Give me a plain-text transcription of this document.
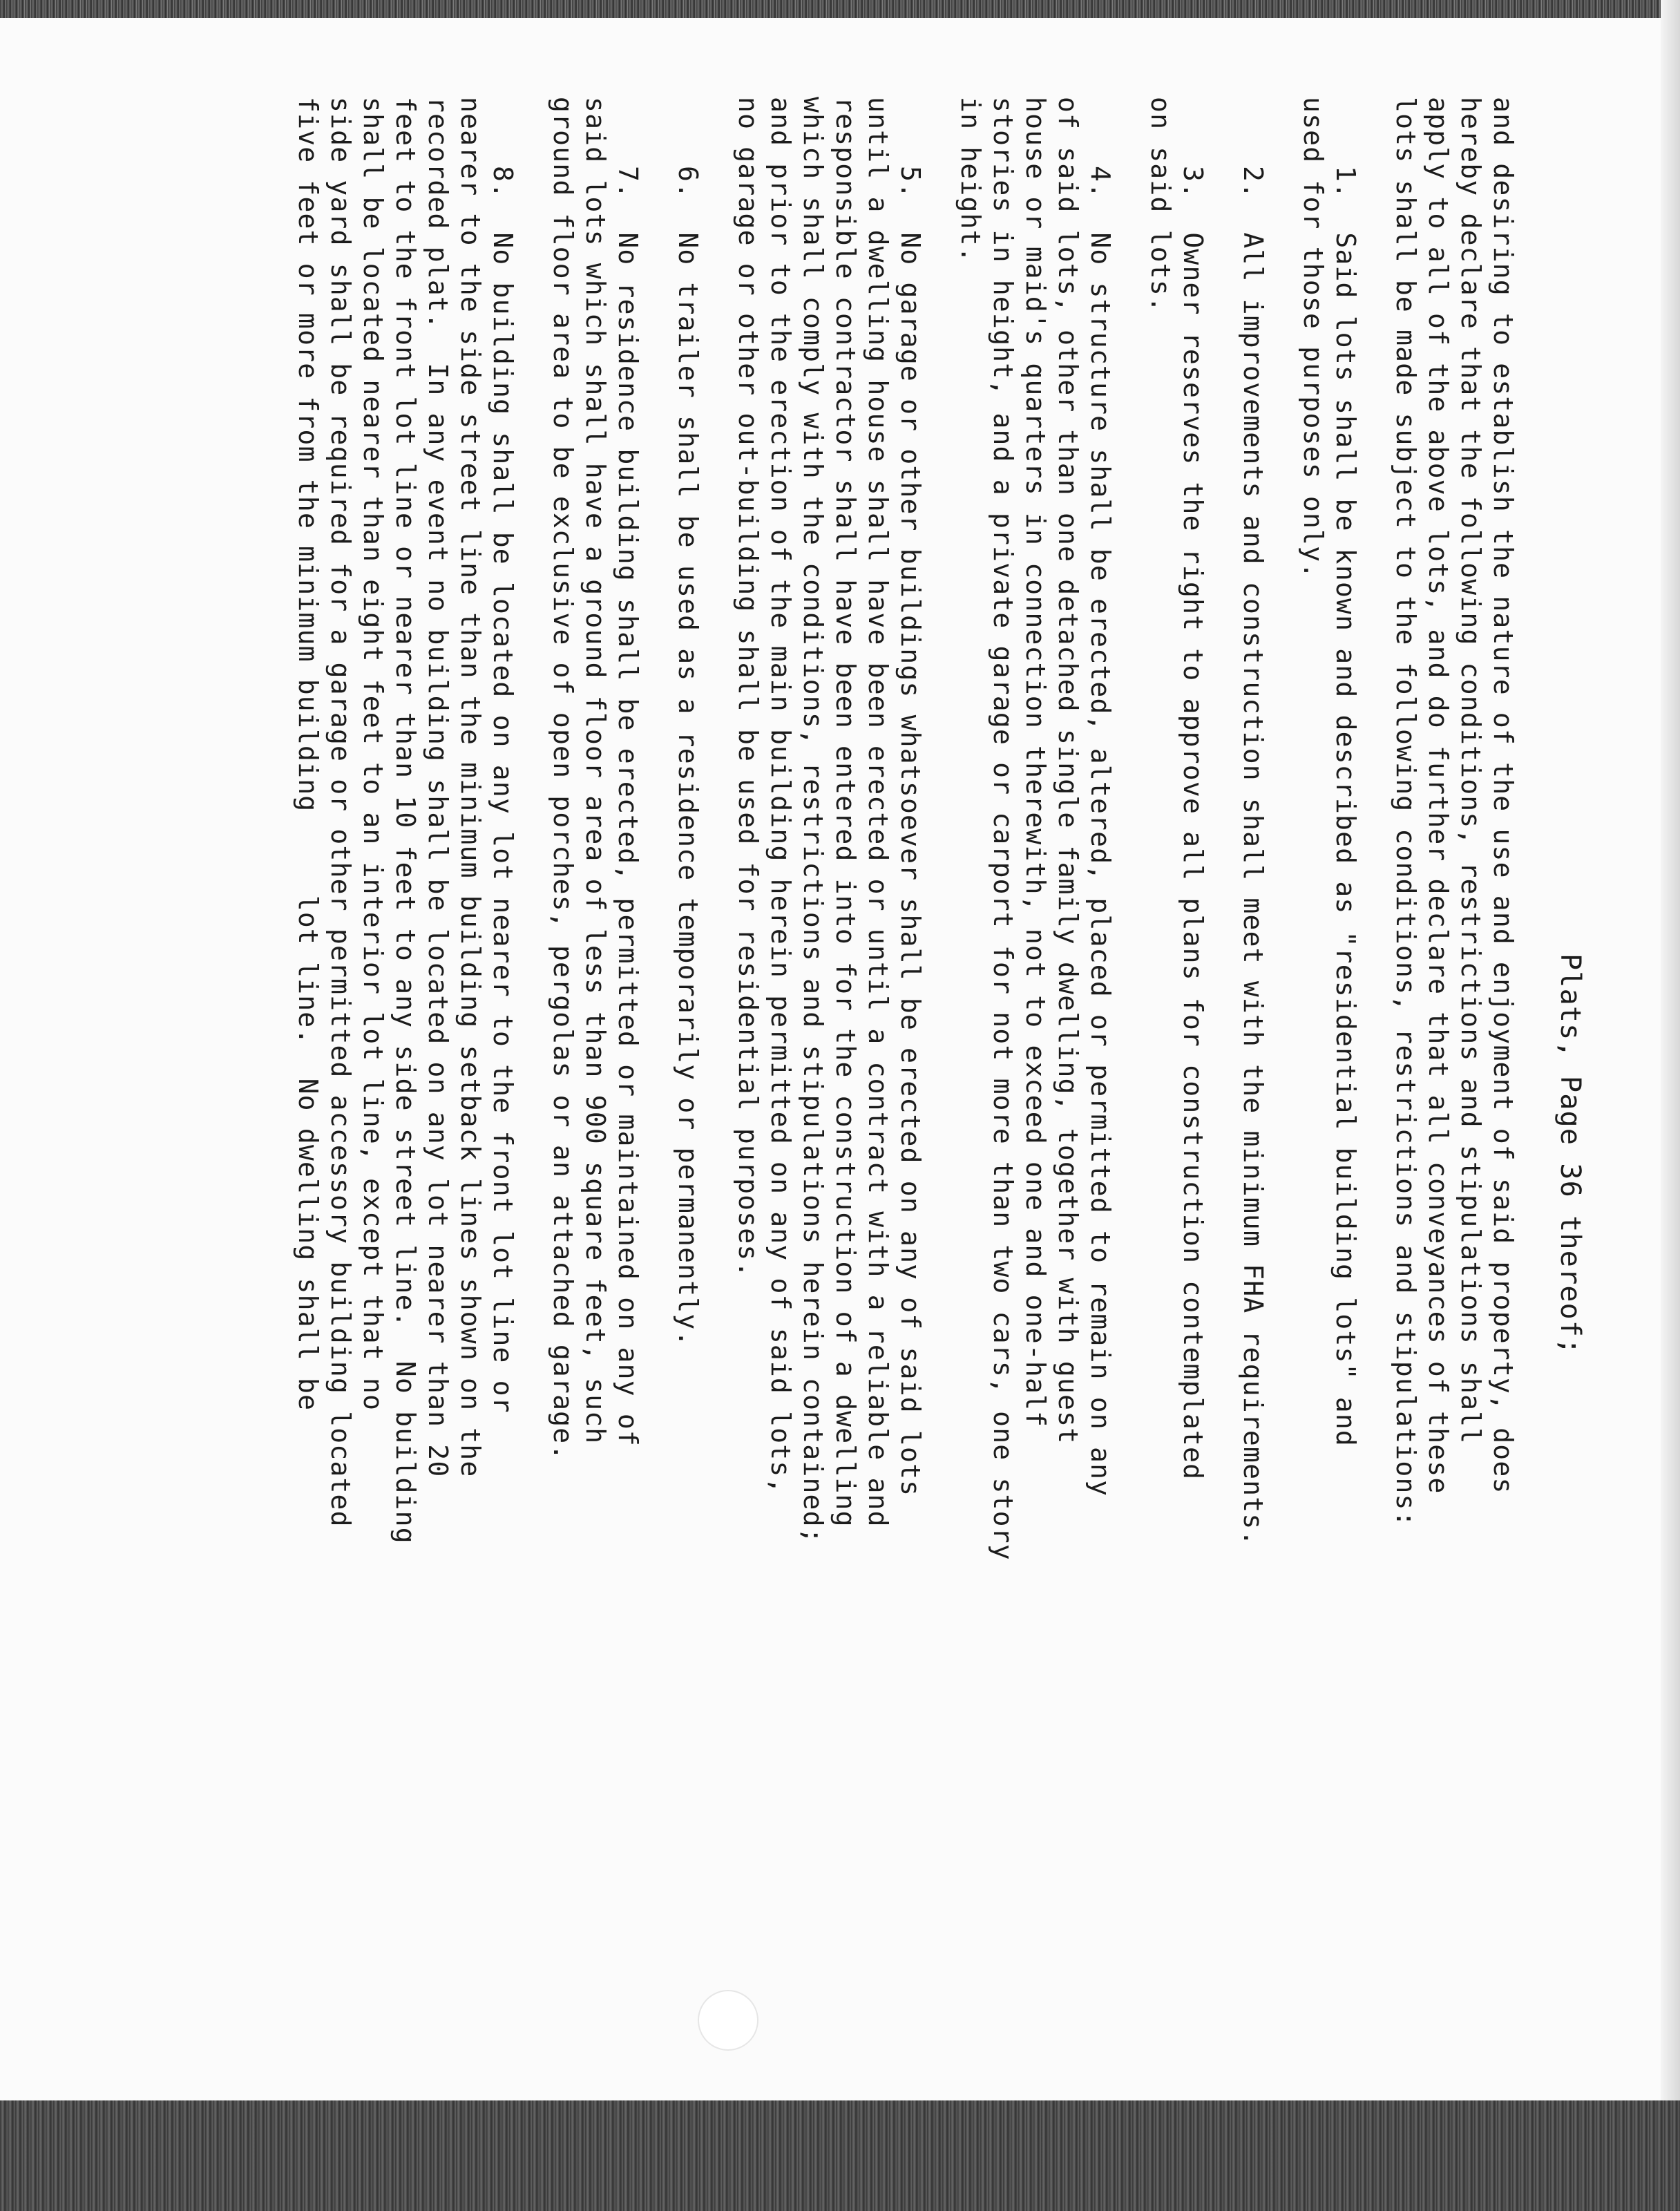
Plats, Page 36 thereof;
and desiring to establish the nature of the use and enjoyment of said property, does
hereby declare that the following conditions, restrictions and stipulations shall
apply to all of the above lots, and do further declare that all conveyances of these
lots shall be made subject to the following conditions, restrictions and stipulations:
1.  Said lots shall be known and described as "residential building lots" and
used for those purposes only.
2.  All improvements and construction shall meet with the minimum FHA requirements.
3.  Owner reserves the right to approve all plans for construction contemplated
on said lots.
4.  No structure shall be erected, altered, placed or permitted to remain on any
of said lots, other than one detached single family dwelling, together with guest
house or maid's quarters in connection therewith, not to exceed one and one-half
stories in height, and a private garage or carport for not more than two cars, one story
in height.
5.  No garage or other buildings whatsoever shall be erected on any of said lots
until a dwelling house shall have been erected or until a contract with a reliable and
responsible contractor shall have been entered into for the construction of a dwelling
which shall comply with the conditions, restrictions and stipulations herein contained;
and prior to the erection of the main building herein permitted on any of said lots,
no garage or other out-building shall be used for residential purposes.
6.  No trailer shall be used as a residence temporarily or permanently.
7.  No residence building shall be erected, permitted or maintained on any of
said lots which shall have a ground floor area of less than 900 square feet, such
ground floor area to be exclusive of open porches, pergolas or an attached garage.
8.  No building shall be located on any lot nearer to the front lot line or
nearer to the side street line than the minimum building setback lines shown on the
recorded plat.  In any event no building shall be located on any lot nearer than 20
feet to the front lot line or nearer than 10 feet to any side street line.  No building
shall be located nearer than eight feet to an interior lot line, except that no
side yard shall be required for a garage or other permitted accessory building located
five feet or more from the minimum building     lot line.  No dwelling shall be
